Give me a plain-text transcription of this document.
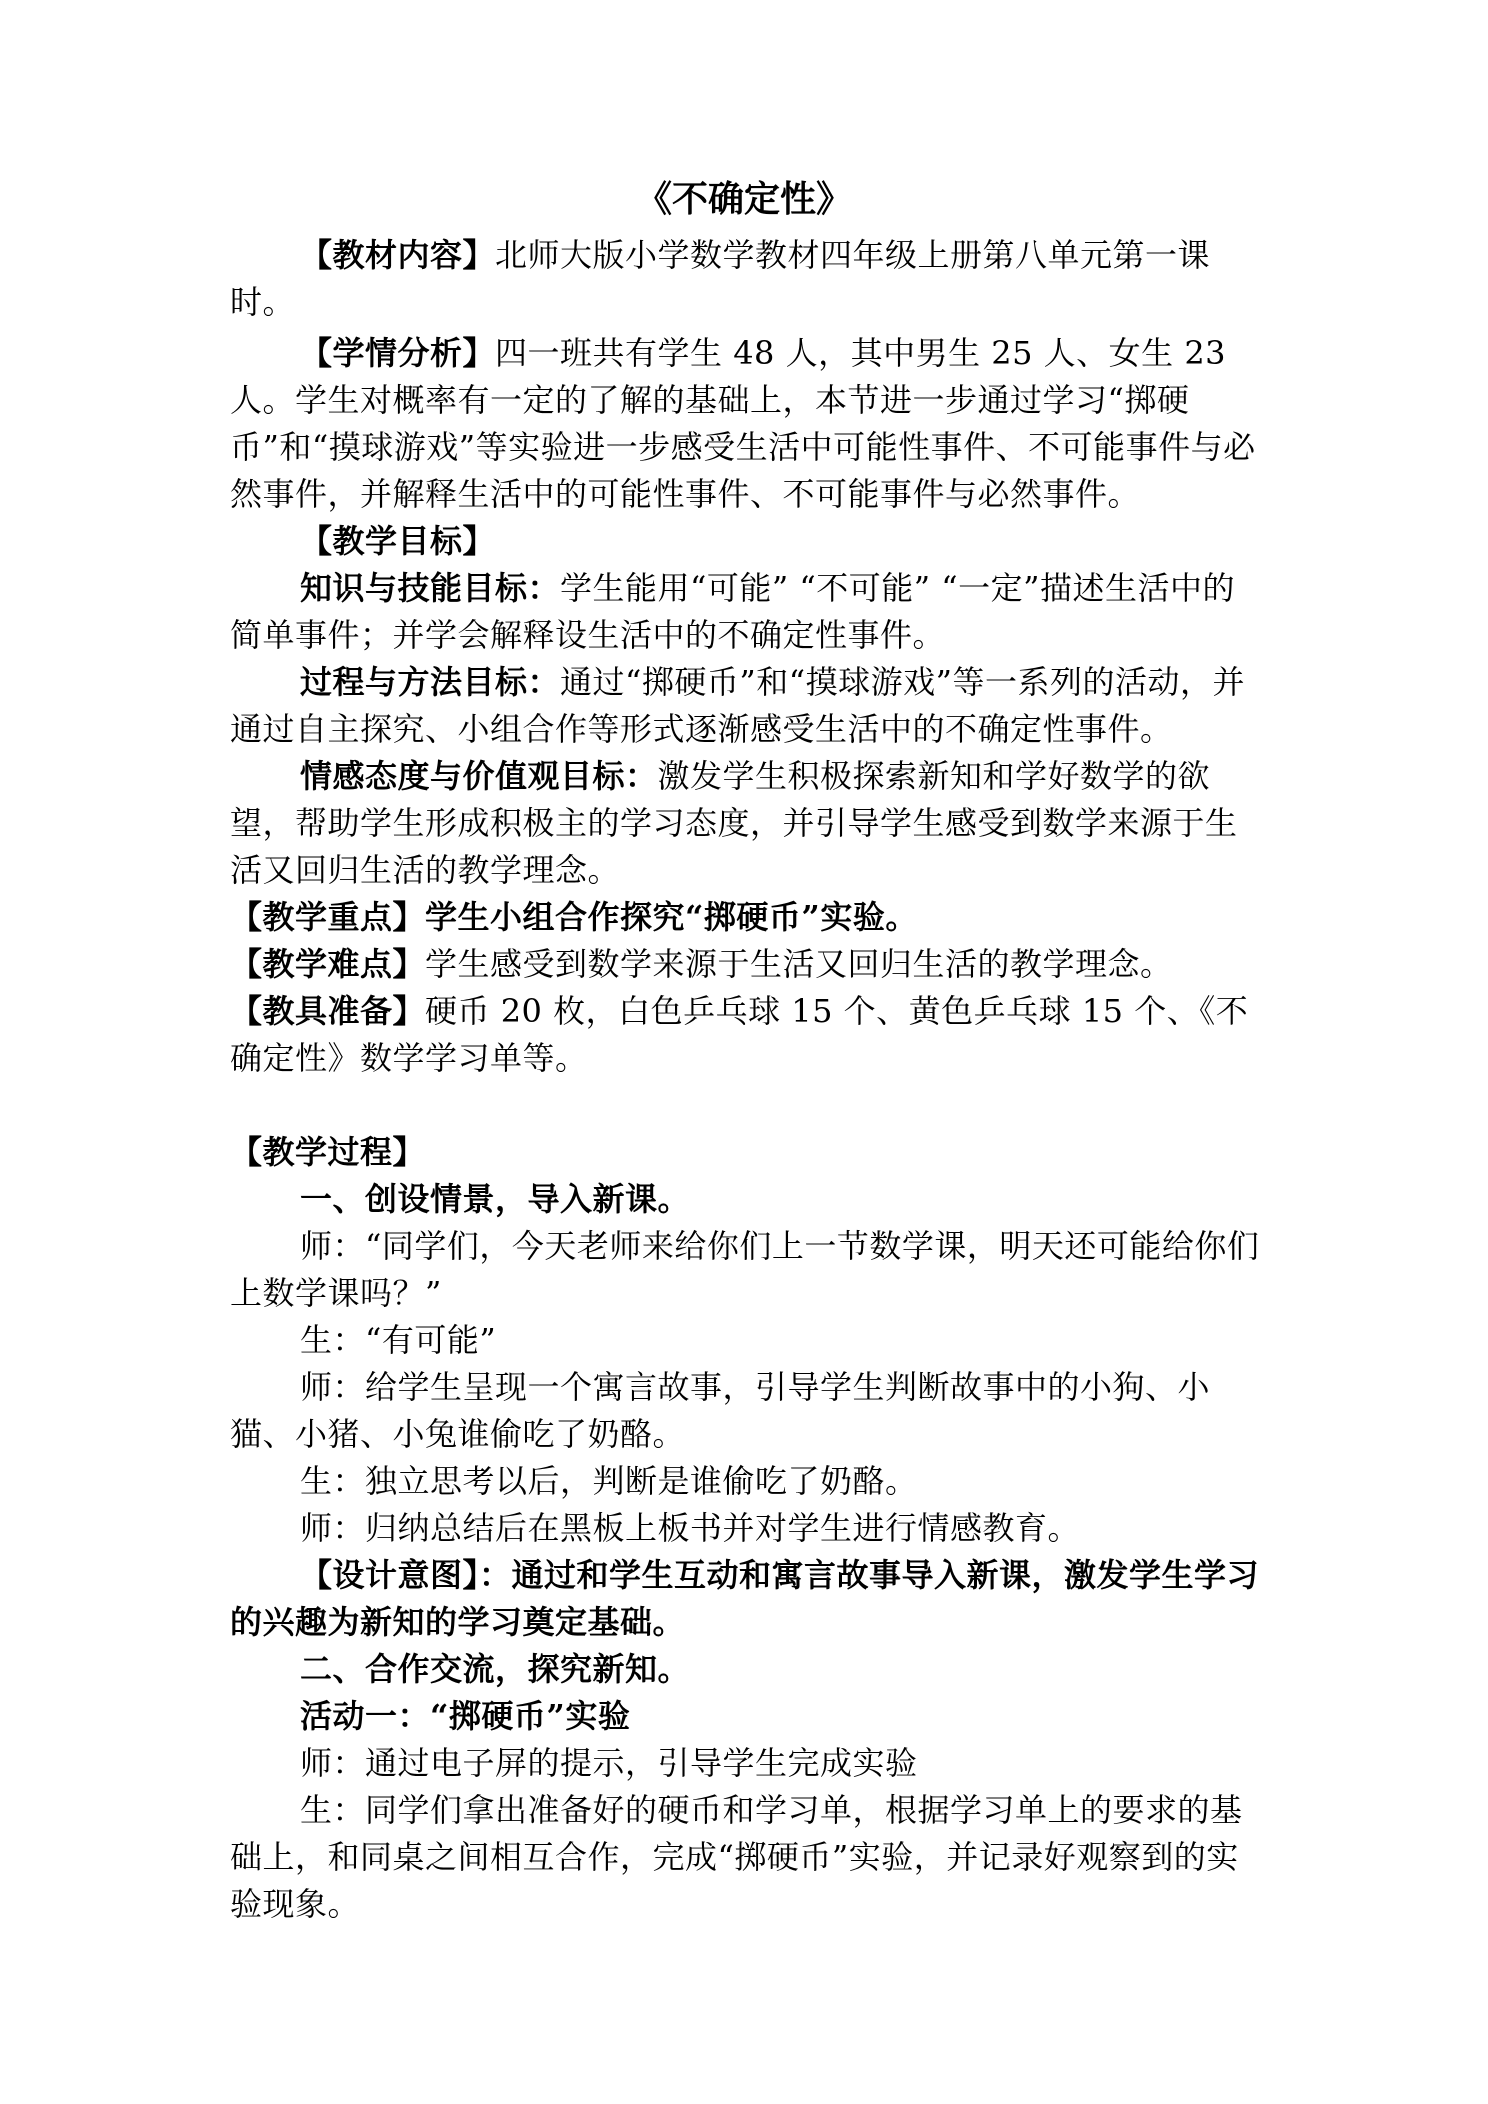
《不确定性》

【教材内容】北师大版小学数学教材四年级上册第八单元第一课时。

【学情分析】四一班共有学生 48 人，其中男生 25 人、女生 23 人。学生对概率有一定的了解的基础上，本节进一步通过学习“掷硬币”和“摸球游戏”等实验进一步感受生活中可能性事件、不可能事件与必然事件，并解释生活中的可能性事件、不可能事件与必然事件。

【教学目标】

知识与技能目标：学生能用“可能” “不可能” “一定”描述生活中的简单事件；并学会解释设生活中的不确定性事件。

过程与方法目标：通过“掷硬币”和“摸球游戏”等一系列的活动，并通过自主探究、小组合作等形式逐渐感受生活中的不确定性事件。

情感态度与价值观目标：激发学生积极探索新知和学好数学的欲望，帮助学生形成积极主的学习态度，并引导学生感受到数学来源于生活又回归生活的教学理念。

【教学重点】学生小组合作探究“掷硬币”实验。

【教学难点】学生感受到数学来源于生活又回归生活的教学理念。

【教具准备】硬币 20 枚，白色乒乓球 15 个、黄色乒乓球 15 个、《不确定性》数学学习单等。

【教学过程】

一、创设情景，导入新课。

师：“同学们，今天老师来给你们上一节数学课，明天还可能给你们上数学课吗？”

生：“有可能”

师：给学生呈现一个寓言故事，引导学生判断故事中的小狗、小猫、小猪、小兔谁偷吃了奶酪。

生：独立思考以后，判断是谁偷吃了奶酪。

师：归纳总结后在黑板上板书并对学生进行情感教育。

【设计意图】：通过和学生互动和寓言故事导入新课，激发学生学习的兴趣为新知的学习奠定基础。

二、合作交流，探究新知。

活动一：“掷硬币”实验

师：通过电子屏的提示，引导学生完成实验

生：同学们拿出准备好的硬币和学习单，根据学习单上的要求的基础上，和同桌之间相互合作，完成“掷硬币”实验，并记录好观察到的实验现象。
